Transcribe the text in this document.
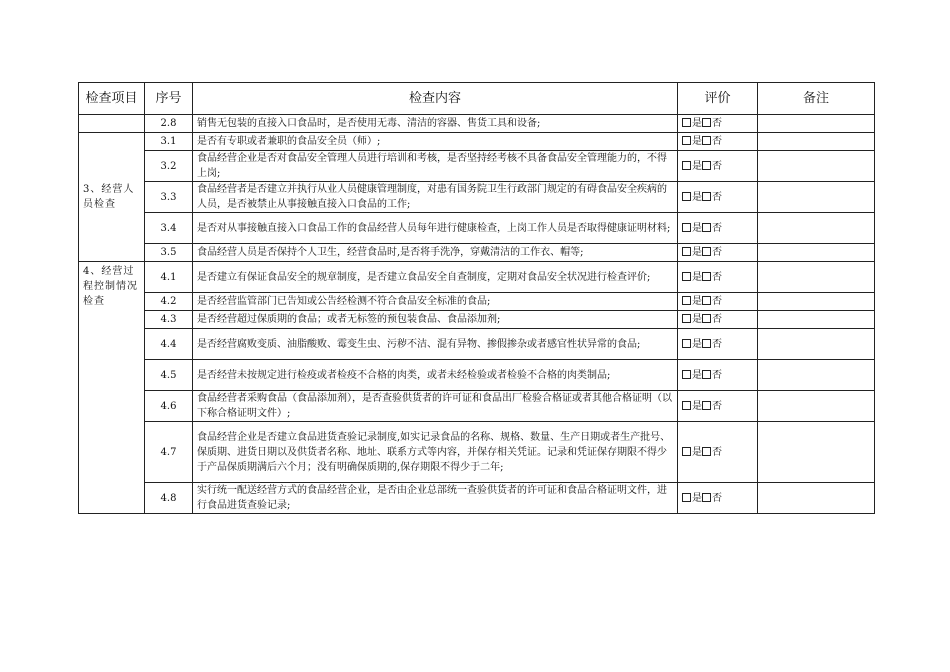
检查项目	序号	检查内容	评价	备注
	2.8	销售无包装的直接入口食品时，是否使用无毒、清洁的容器、售货工具和设备;	是 否	
3、经营人员检查	3.1	是否有专职或者兼职的食品安全员（师）;	是 否	
	3.2	食品经营企业是否对食品安全管理人员进行培训和考核，是否坚持经考核不具备食品安全管理能力的，不得上岗;	是 否	
	3.3	食品经营者是否建立并执行从业人员健康管理制度，对患有国务院卫生行政部门规定的有碍食品安全疾病的人员，是否被禁止从事接触直接入口食品的工作;	是 否	
	3.4	是否对从事接触直接入口食品工作的食品经营人员每年进行健康检查，上岗工作人员是否取得健康证明材料;	是 否	
	3.5	食品经营人员是否保持个人卫生，经营食品时,是否将手洗净，穿戴清洁的工作衣、帽等;	是 否	
4、经营过程控制情况检查	4.1	是否建立有保证食品安全的规章制度，是否建立食品安全自查制度，定期对食品安全状况进行检查评价;	是 否	
	4.2	是否经营监管部门已告知或公告经检测不符合食品安全标准的食品;	是 否	
	4.3	是否经营超过保质期的食品；或者无标签的预包装食品、食品添加剂;	是 否	
	4.4	是否经营腐败变质、油脂酸败、霉变生虫、污秽不洁、混有异物、掺假掺杂或者感官性状异常的食品;	是 否	
	4.5	是否经营未按规定进行检疫或者检疫不合格的肉类，或者未经检验或者检验不合格的肉类制品;	是 否	
	4.6	食品经营者采购食品（食品添加剂），是否查验供货者的许可证和食品出厂检验合格证或者其他合格证明（以下称合格证明文件）;	是 否	
	4.7	食品经营企业是否建立食品进货查验记录制度,如实记录食品的名称、规格、数量、生产日期或者生产批号、保质期、进货日期以及供货者名称、地址、联系方式等内容，并保存相关凭证。记录和凭证保存期限不得少于产品保质期满后六个月；没有明确保质期的,保存期限不得少于二年;	是 否	
	4.8	实行统一配送经营方式的食品经营企业，是否由企业总部统一查验供货者的许可证和食品合格证明文件，进行食品进货查验记录;	是 否	
